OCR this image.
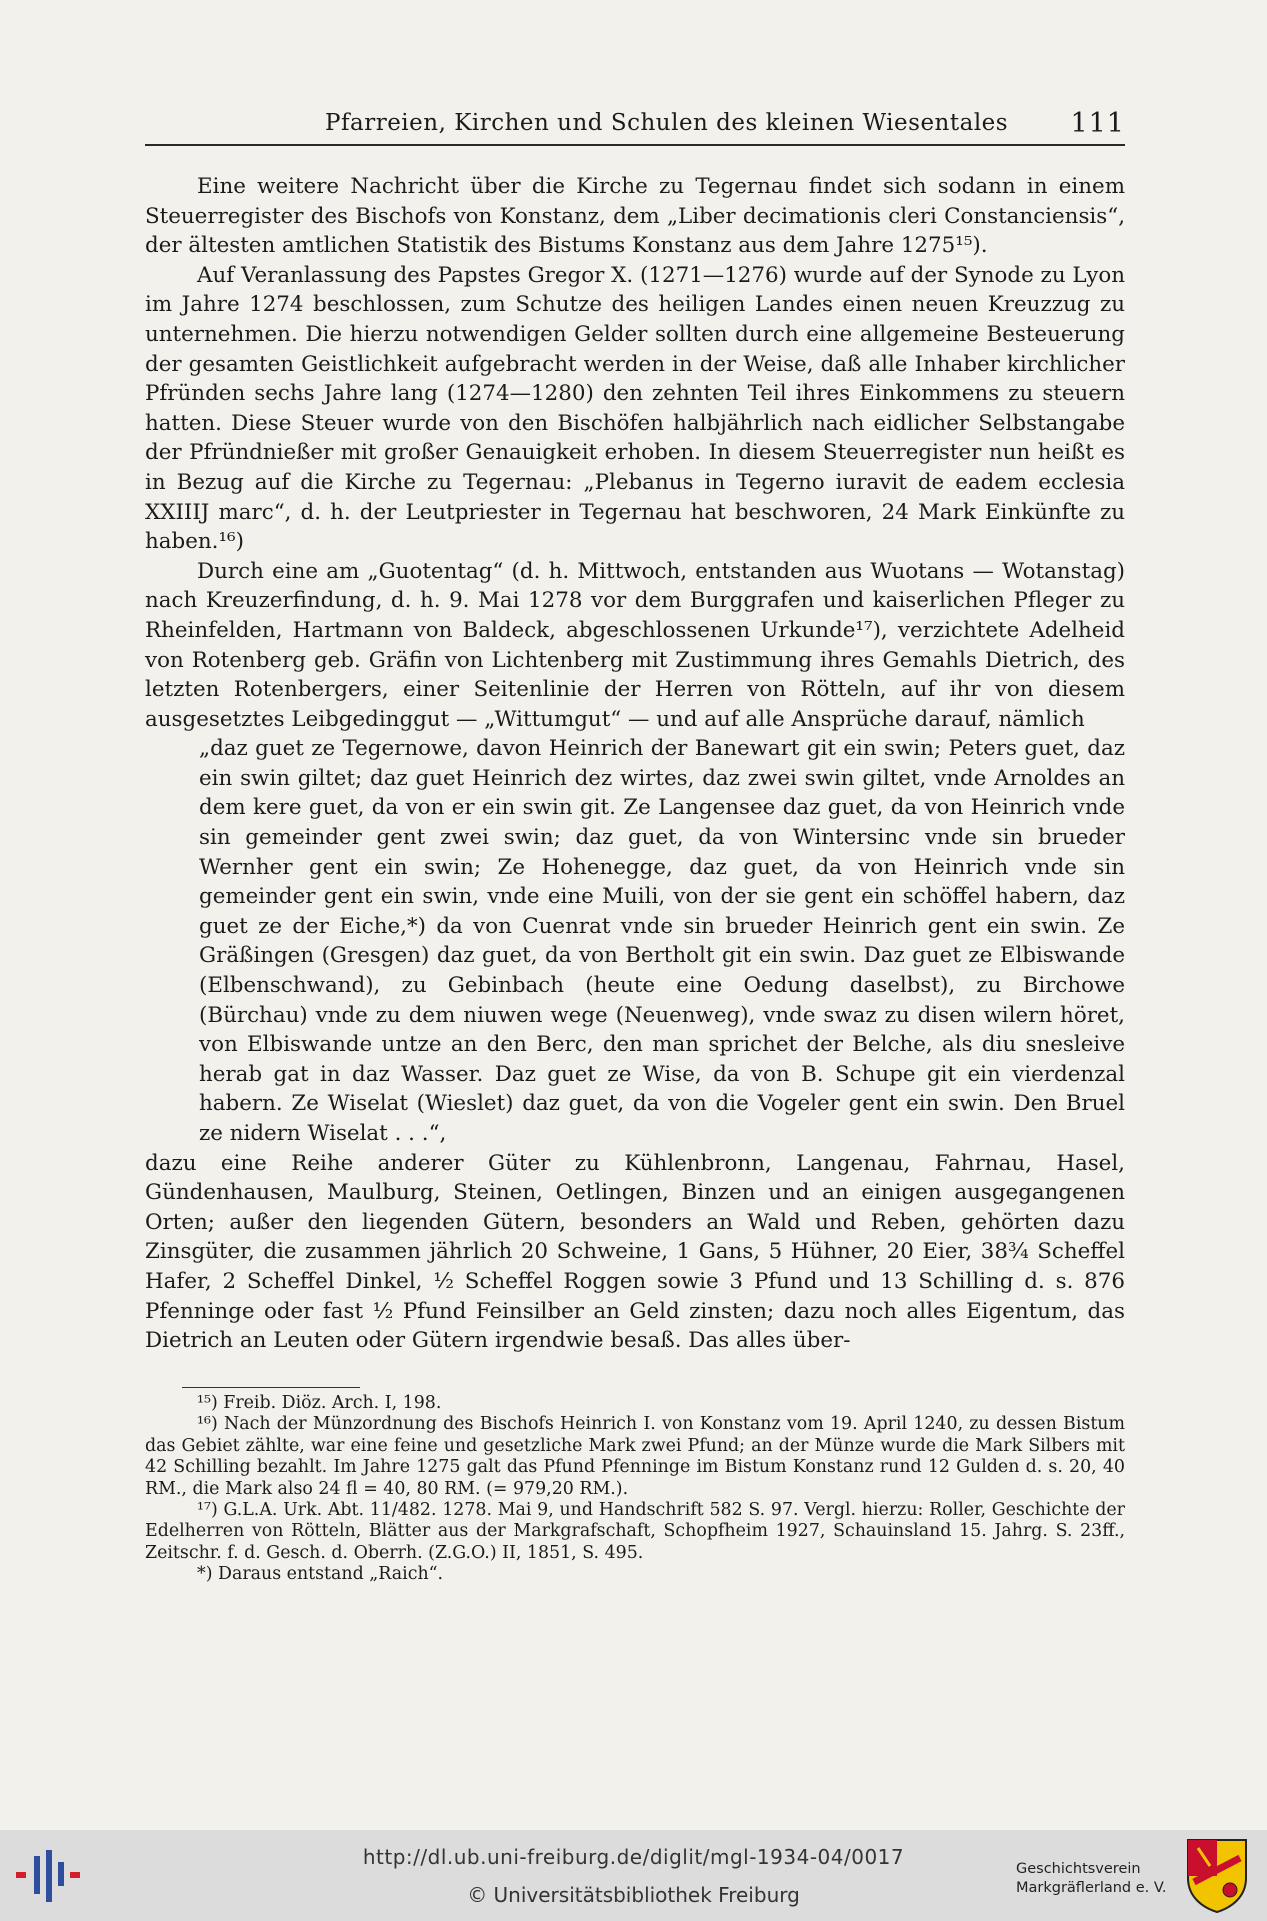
Pfarreien, Kirchen und Schulen des kleinen Wiesentales 111

Eine weitere Nachricht über die Kirche zu Tegernau findet sich sodann in einem Steuerregister des Bischofs von Konstanz, dem „Liber decimationis cleri Constanciensis“, der ältesten amtlichen Statistik des Bistums Konstanz aus dem Jahre 1275¹⁵).

Auf Veranlassung des Papstes Gregor X. (1271—1276) wurde auf der Synode zu Lyon im Jahre 1274 beschlossen, zum Schutze des heiligen Landes einen neuen Kreuzzug zu unternehmen. Die hierzu notwendigen Gelder sollten durch eine allgemeine Besteuerung der gesamten Geistlichkeit aufgebracht werden in der Weise, daß alle Inhaber kirchlicher Pfründen sechs Jahre lang (1274—1280) den zehnten Teil ihres Einkommens zu steuern hatten. Diese Steuer wurde von den Bischöfen halbjährlich nach eidlicher Selbstangabe der Pfründnießer mit großer Genauigkeit erhoben. In diesem Steuerregister nun heißt es in Bezug auf die Kirche zu Tegernau: „Plebanus in Tegerno iuravit de eadem ecclesia XXIIIJ marc“, d. h. der Leutpriester in Tegernau hat beschworen, 24 Mark Einkünfte zu haben.¹⁶)

Durch eine am „Guotentag“ (d. h. Mittwoch, entstanden aus Wuotans — Wotanstag) nach Kreuzerfindung, d. h. 9. Mai 1278 vor dem Burggrafen und kaiserlichen Pfleger zu Rheinfelden, Hartmann von Baldeck, abgeschlossenen Urkunde¹⁷), verzichtete Adelheid von Rotenberg geb. Gräfin von Lichtenberg mit Zustimmung ihres Gemahls Dietrich, des letzten Rotenbergers, einer Seitenlinie der Herren von Rötteln, auf ihr von diesem ausgesetztes Leibgedinggut — „Wittumgut“ — und auf alle Ansprüche darauf, nämlich

„daz guet ze Tegernowe, davon Heinrich der Banewart git ein swin; Peters guet, daz ein swin giltet; daz guet Heinrich dez wirtes, daz zwei swin giltet, vnde Arnoldes an dem kere guet, da von er ein swin git. Ze Langensee daz guet, da von Heinrich vnde sin gemeinder gent zwei swin; daz guet, da von Wintersinc vnde sin brueder Wernher gent ein swin; Ze Hohenegge, daz guet, da von Heinrich vnde sin gemeinder gent ein swin, vnde eine Muili, von der sie gent ein schöffel habern, daz guet ze der Eiche,*) da von Cuenrat vnde sin brueder Heinrich gent ein swin. Ze Gräßingen (Gresgen) daz guet, da von Bertholt git ein swin. Daz guet ze Elbiswande (Elbenschwand), zu Gebinbach (heute eine Oedung daselbst), zu Birchowe (Bürchau) vnde zu dem niuwen wege (Neuenweg), vnde swaz zu disen wilern höret, von Elbiswande untze an den Berc, den man sprichet der Belche, als diu snesleive herab gat in daz Wasser. Daz guet ze Wise, da von B. Schupe git ein vierdenzal habern. Ze Wiselat (Wieslet) daz guet, da von die Vogeler gent ein swin. Den Bruel ze nidern Wiselat . . .“,

dazu eine Reihe anderer Güter zu Kühlenbronn, Langenau, Fahrnau, Hasel, Gündenhausen, Maulburg, Steinen, Oetlingen, Binzen und an einigen ausgegangenen Orten; außer den liegenden Gütern, besonders an Wald und Reben, gehörten dazu Zinsgüter, die zusammen jährlich 20 Schweine, 1 Gans, 5 Hühner, 20 Eier, 38¾ Scheffel Hafer, 2 Scheffel Dinkel, ½ Scheffel Roggen sowie 3 Pfund und 13 Schilling d. s. 876 Pfenninge oder fast ½ Pfund Feinsilber an Geld zinsten; dazu noch alles Eigentum, das Dietrich an Leuten oder Gütern irgendwie besaß. Das alles über-

¹⁵) Freib. Diöz. Arch. I, 198.

¹⁶) Nach der Münzordnung des Bischofs Heinrich I. von Konstanz vom 19. April 1240, zu dessen Bistum das Gebiet zählte, war eine feine und gesetzliche Mark zwei Pfund; an der Münze wurde die Mark Silbers mit 42 Schilling bezahlt. Im Jahre 1275 galt das Pfund Pfenninge im Bistum Konstanz rund 12 Gulden d. s. 20, 40 RM., die Mark also 24 fl = 40, 80 RM. (= 979,20 RM.).

¹⁷) G.L.A. Urk. Abt. 11/482. 1278. Mai 9, und Handschrift 582 S. 97. Vergl. hierzu: Roller, Geschichte der Edelherren von Rötteln, Blätter aus der Markgrafschaft, Schopfheim 1927, Schauinsland 15. Jahrg. S. 23ff., Zeitschr. f. d. Gesch. d. Oberrh. (Z.G.O.) II, 1851, S. 495.

*) Daraus entstand „Raich“.

http://dl.ub.uni-freiburg.de/diglit/mgl-1934-04/0017
© Universitätsbibliothek Freiburg
Geschichtsverein
Markgräflerland e. V.
